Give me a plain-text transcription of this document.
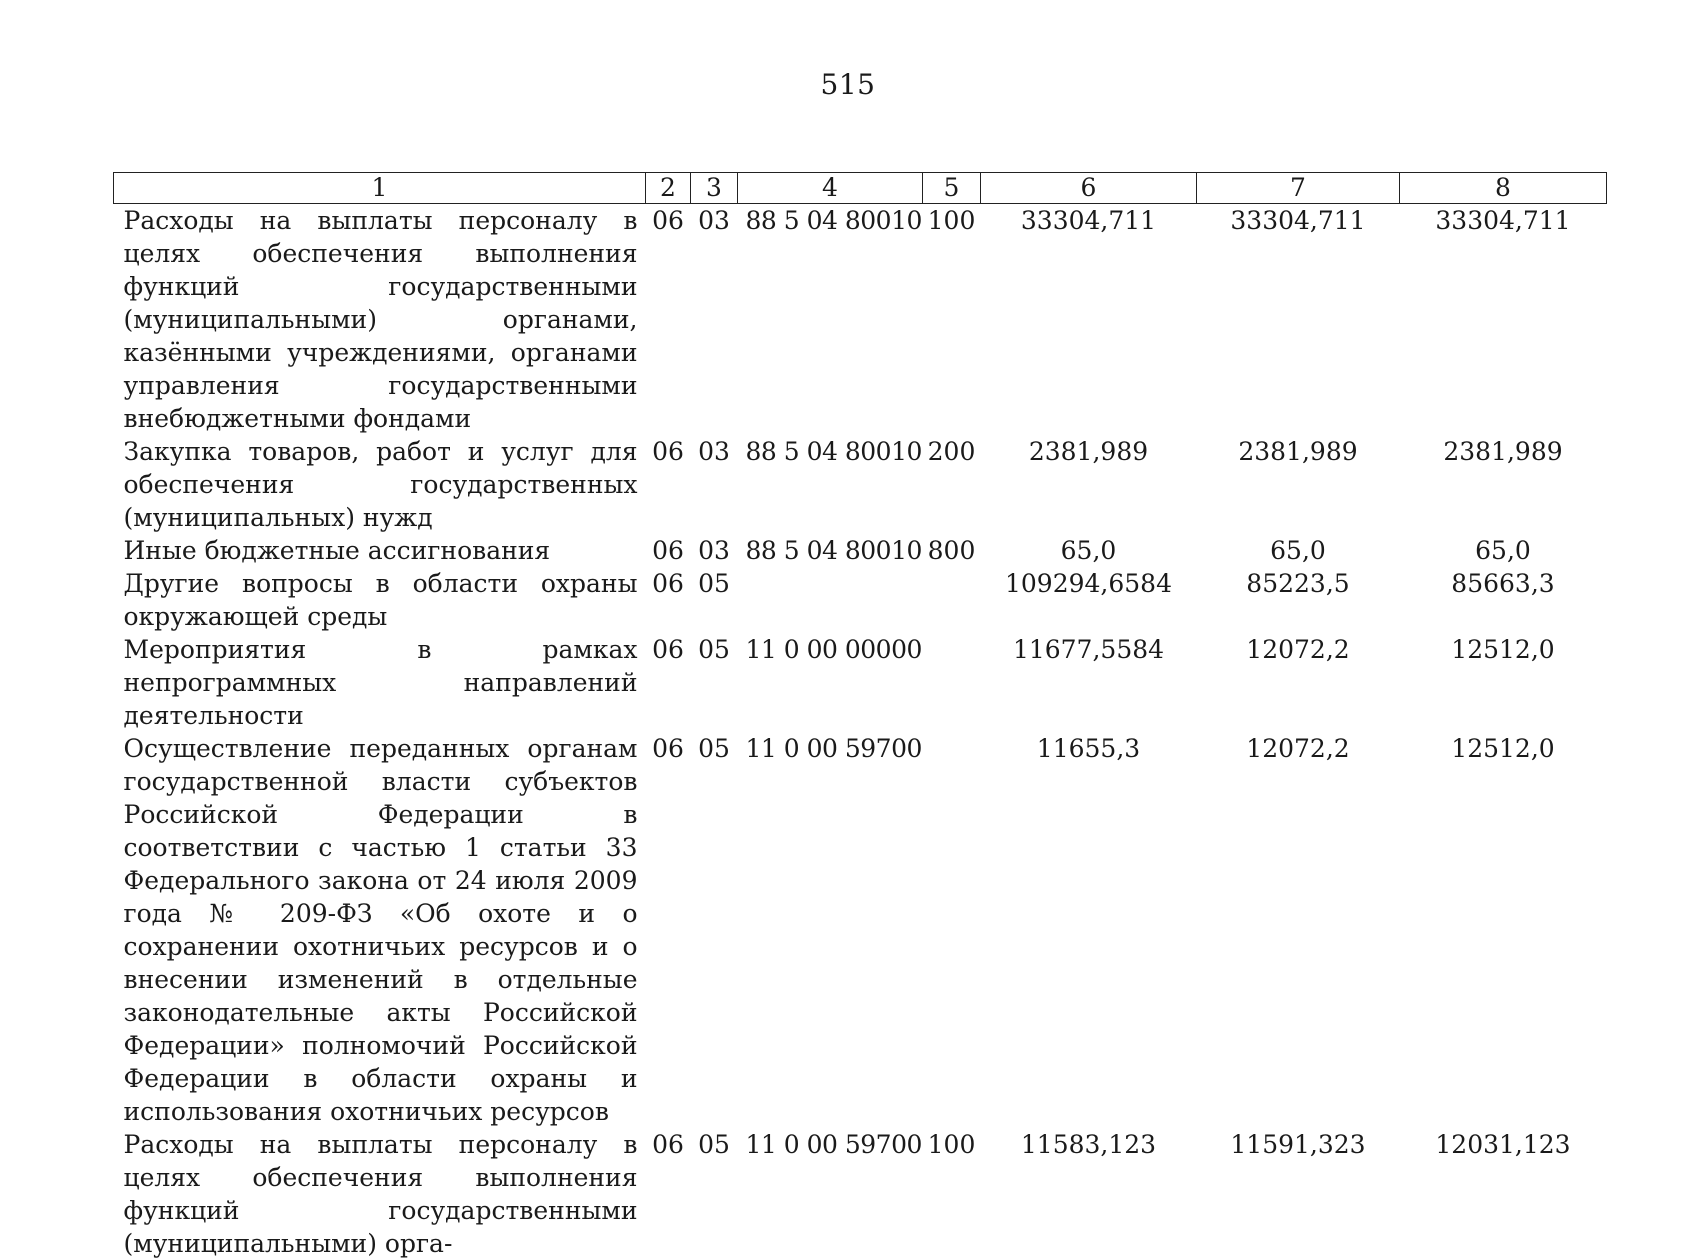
515
1	2	3	4	5	6	7	8
Расходы на выплаты персоналу в целях обеспечения выполнения функций государственными (муниципальными) органами, казёнными учреждениями, органами управления государственными внебюджетными фондами	06	03	88 5 04 80010	100	33304,711	33304,711	33304,711
Закупка товаров, работ и услуг для обеспечения государственных (муниципальных) нужд	06	03	88 5 04 80010	200	2381,989	2381,989	2381,989
Иные бюджетные ассигнования	06	03	88 5 04 80010	800	65,0	65,0	65,0
Другие вопросы в области охраны окружающей среды	06	05			109294,6584	85223,5	85663,3
Мероприятия в рамках непрограммных направлений деятельности	06	05	11 0 00 00000		11677,5584	12072,2	12512,0
Осуществление переданных органам государственной власти субъектов Российской Федерации в соответствии с частью 1 статьи 33 Федерального закона от 24 июля 2009 года № 209-ФЗ «Об охоте и о сохранении охотничьих ресурсов и о внесении изменений в отдельные законодательные акты Российской Федерации» полномочий Российской Федерации в области охраны и использования охотничьих ресурсов	06	05	11 0 00 59700		11655,3	12072,2	12512,0
Расходы на выплаты персоналу в целях обеспечения выполнения функций государственными (муниципальными) орга-	06	05	11 0 00 59700	100	11583,123	11591,323	12031,123
